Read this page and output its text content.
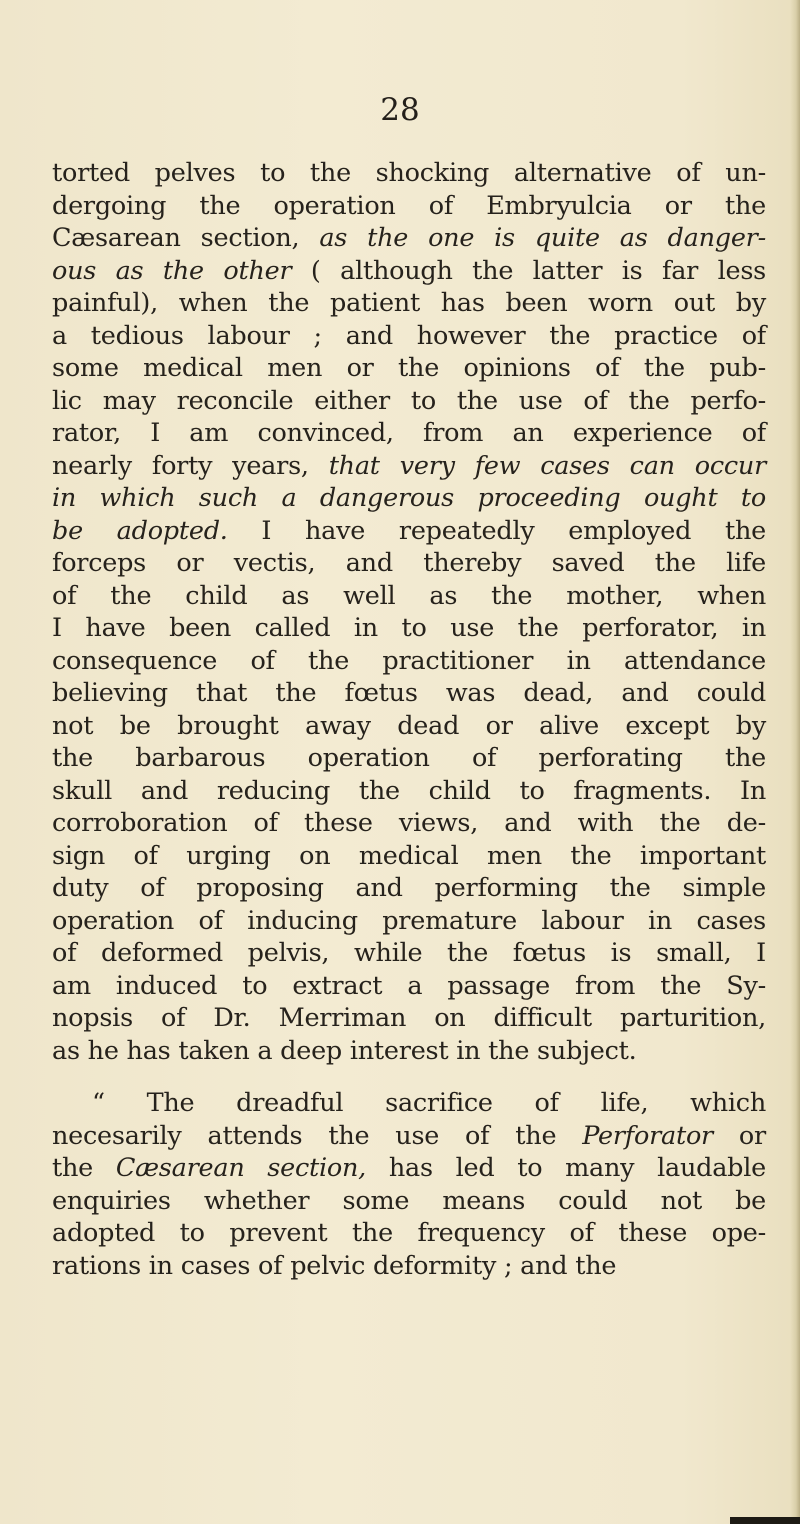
28
torted pelves to the shocking alternative of un-
dergoing the operation of Embryulcia or the
Cæsarean section, as the one is quite as danger-
ous as the other ( although the latter is far less
painful), when the patient has been worn out by
a tedious labour ; and however the practice of
some medical men or the opinions of the pub-
lic may reconcile either to the use of the perfo-
rator, I am convinced, from an experience of
nearly forty years, that very few cases can occur
in which such a dangerous proceeding ought to
be adopted. I have repeatedly employed the
forceps or vectis, and thereby saved the life
of the child as well as the mother, when
I have been called in to use the perforator, in
consequence of the practitioner in attendance
believing that the fœtus was dead, and could
not be brought away dead or alive except by
the barbarous operation of perforating the
skull and reducing the child to fragments. In
corroboration of these views, and with the de-
sign of urging on medical men the important
duty of proposing and performing the simple
operation of inducing premature labour in cases
of deformed pelvis, while the fœtus is small, I
am induced to extract a passage from the Sy-
nopsis of Dr. Merriman on difficult parturition,
as he has taken a deep interest in the subject.
“ The dreadful sacrifice of life, which
necesarily attends the use of the Perforator or
the Cæsarean section, has led to many laudable
enquiries whether some means could not be
adopted to prevent the frequency of these ope-
rations in cases of pelvic deformity ; and the
